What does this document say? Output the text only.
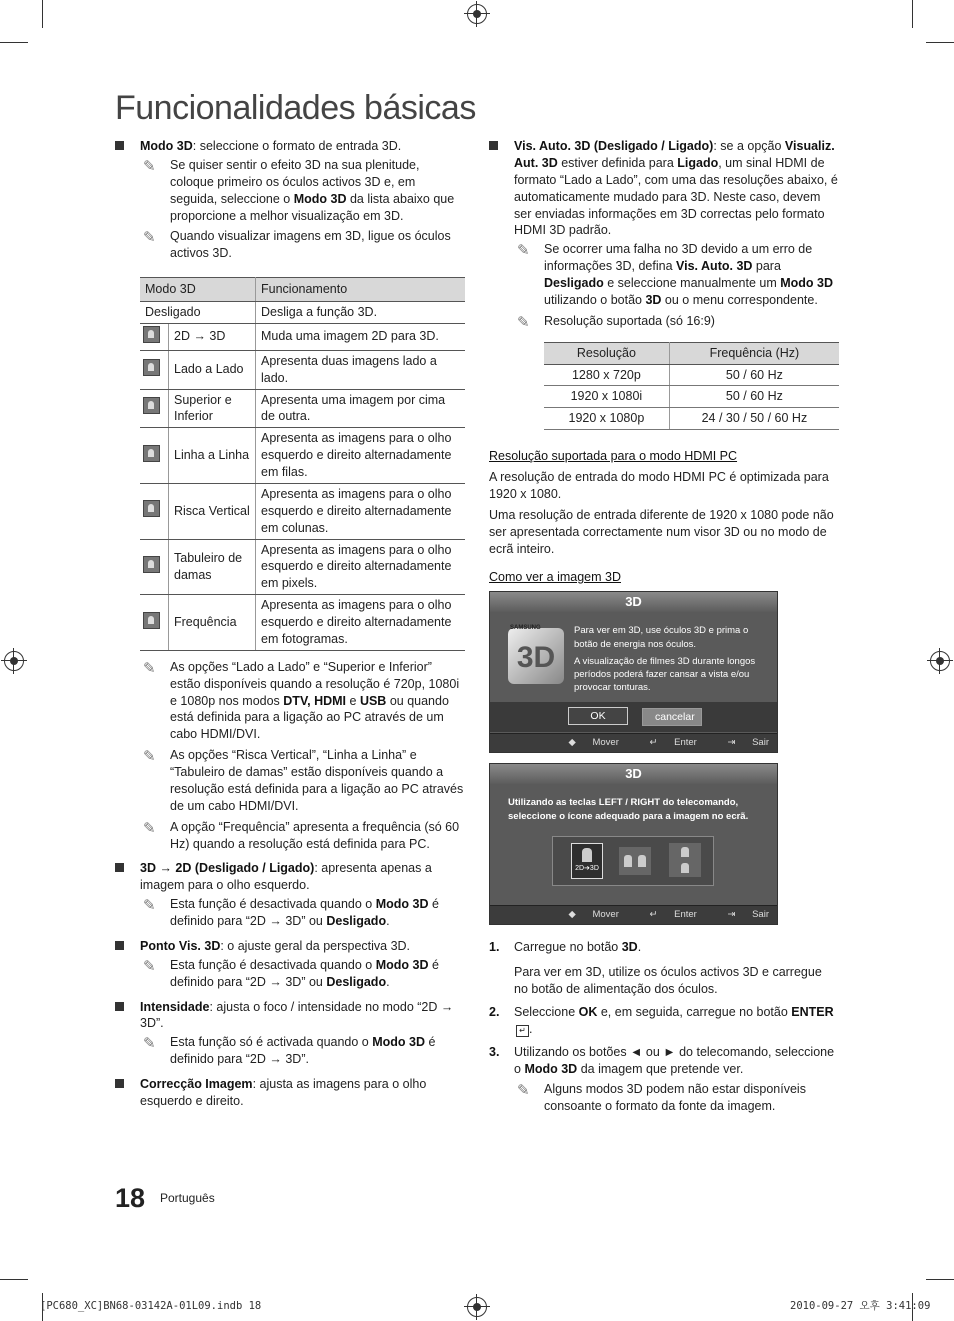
Funcionalidades básicas
Modo 3D: seleccione o formato de entrada 3D.
✎ Se quiser sentir o efeito 3D na sua plenitude, coloque primeiro os óculos activos 3D e, em seguida, seleccione o Modo 3D da lista abaixo que proporcione a melhor visualização em 3D.
✎ Quando visualizar imagens em 3D, ligue os óculos activos 3D.
Modo 3D		Funcionamento
Desligado		Desliga a função 3D.
	2D → 3D	Muda uma imagem 2D para 3D.
	Lado a Lado	Apresenta duas imagens lado a lado.
	Superior e Inferior	Apresenta uma imagem por cima de outra.
	Linha a Linha	Apresenta as imagens para o olho esquerdo e direito alternadamente em filas.
	Risca Vertical	Apresenta as imagens para o olho esquerdo e direito alternadamente em colunas.
	Tabuleiro de damas	Apresenta as imagens para o olho esquerdo e direito alternadamente em pixels.
	Frequência	Apresenta as imagens para o olho esquerdo e direito alternadamente em fotogramas.
✎ As opções “Lado a Lado” e “Superior e Inferior” estão disponíveis quando a resolução é 720p, 1080i e 1080p nos modos DTV, HDMI e USB ou quando está definida para a ligação ao PC através de um cabo HDMI/DVI.
✎ As opções “Risca Vertical”, “Linha a Linha” e “Tabuleiro de damas” estão disponíveis quando a resolução está definida para a ligação ao PC através de um cabo HDMI/DVI.
✎ A opção “Frequência” apresenta a frequência (só 60 Hz) quando a resolução está definida para PC.
3D → 2D (Desligado / Ligado): apresenta apenas a imagem para o olho esquerdo.
✎ Esta função é desactivada quando o Modo 3D é definido para “2D → 3D” ou Desligado.
Ponto Vis. 3D: o ajuste geral da perspectiva 3D.
✎ Esta função é desactivada quando o Modo 3D é definido para “2D → 3D” ou Desligado.
Intensidade: ajusta o foco / intensidade no modo “2D → 3D”.
✎ Esta função só é activada quando o Modo 3D é definido para “2D → 3D”.
Correcção Imagem: ajusta as imagens para o olho esquerdo e direito.
Vis. Auto. 3D (Desligado / Ligado): se a opção Visualiz. Aut. 3D estiver definida para Ligado, um sinal HDMI de formato “Lado a Lado”, com uma das resoluções abaixo, é automaticamente mudado para 3D. Neste caso, devem ser enviadas informações em 3D correctas pelo formato HDMI 3D padrão.
✎ Se ocorrer uma falha no 3D devido a um erro de informações 3D, defina Vis. Auto. 3D para Desligado e seleccione manualmente um Modo 3D utilizando o botão 3D ou o menu correspondente.
✎ Resolução suportada (só 16:9)
Resolução	Frequência (Hz)
1280 x 720p	50 / 60 Hz
1920 x 1080i	50 / 60 Hz
1920 x 1080p	24 / 30 / 50 / 60 Hz
Resolução suportada para o modo HDMI PC

A resolução de entrada do modo HDMI PC é optimizada para 1920 x 1080.

Uma resolução de entrada diferente de 1920 x 1080 pode não ser apresentada correctamente num visor 3D ou no modo de ecrã inteiro.

Como ver a imagem 3D
3D
SAMSUNG
3D
Para ver em 3D, use óculos 3D e prima o botão de energia nos óculos.
A visualização de filmes 3D durante longos períodos poderá fazer cansar a vista e/ou provocar tonturas.
OK	cancelar
◆ Mover	↵ Enter	⇥ Sair
3D
Utilizando as teclas LEFT / RIGHT do telecomando, seleccione o ícone adequado para a imagem no ecrã.
2D➔3D
◆ Mover	↵ Enter	⇥ Sair
1. Carregue no botão 3D.
Para ver em 3D, utilize os óculos activos 3D e carregue no botão de alimentação dos óculos.
2. Seleccione OK e, em seguida, carregue no botão ENTER↵ .
3. Utilizando os botões ◄ ou ► do telecomando, seleccione o Modo 3D da imagem que pretende ver.
✎ Alguns modos 3D podem não estar disponíveis consoante o formato da fonte da imagem.
18 Português
[PC680_XC]BN68-03142A-01L09.indb 18	2010-09-27 오후 3:41:09
